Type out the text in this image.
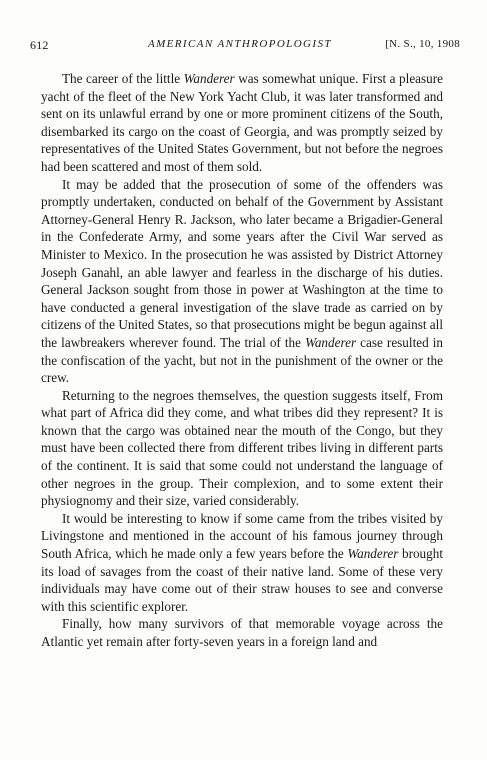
612	AMERICAN ANTHROPOLOGIST	[N. S., 10, 1908

The career of the little Wanderer was somewhat unique. First a pleasure yacht of the fleet of the New York Yacht Club, it was later transformed and sent on its unlawful errand by one or more prominent citizens of the South, disembarked its cargo on the coast of Georgia, and was promptly seized by representatives of the United States Government, but not before the negroes had been scattered and most of them sold.

It may be added that the prosecution of some of the offenders was promptly undertaken, conducted on behalf of the Government by Assistant Attorney-General Henry R. Jackson, who later became a Brigadier-General in the Confederate Army, and some years after the Civil War served as Minister to Mexico. In the prosecution he was assisted by District Attorney Joseph Ganahl, an able lawyer and fearless in the discharge of his duties. General Jackson sought from those in power at Washington at the time to have conducted a general investigation of the slave trade as carried on by citizens of the United States, so that prosecutions might be begun against all the lawbreakers wherever found. The trial of the Wanderer case resulted in the confiscation of the yacht, but not in the punishment of the owner or the crew.

Returning to the negroes themselves, the question suggests itself, From what part of Africa did they come, and what tribes did they represent? It is known that the cargo was obtained near the mouth of the Congo, but they must have been collected there from different tribes living in different parts of the continent. It is said that some could not understand the language of other negroes in the group. Their complexion, and to some extent their physiognomy and their size, varied considerably.

It would be interesting to know if some came from the tribes visited by Livingstone and mentioned in the account of his famous journey through South Africa, which he made only a few years before the Wanderer brought its load of savages from the coast of their native land. Some of these very individuals may have come out of their straw houses to see and converse with this scientific explorer.

Finally, how many survivors of that memorable voyage across the Atlantic yet remain after forty-seven years in a foreign land and
